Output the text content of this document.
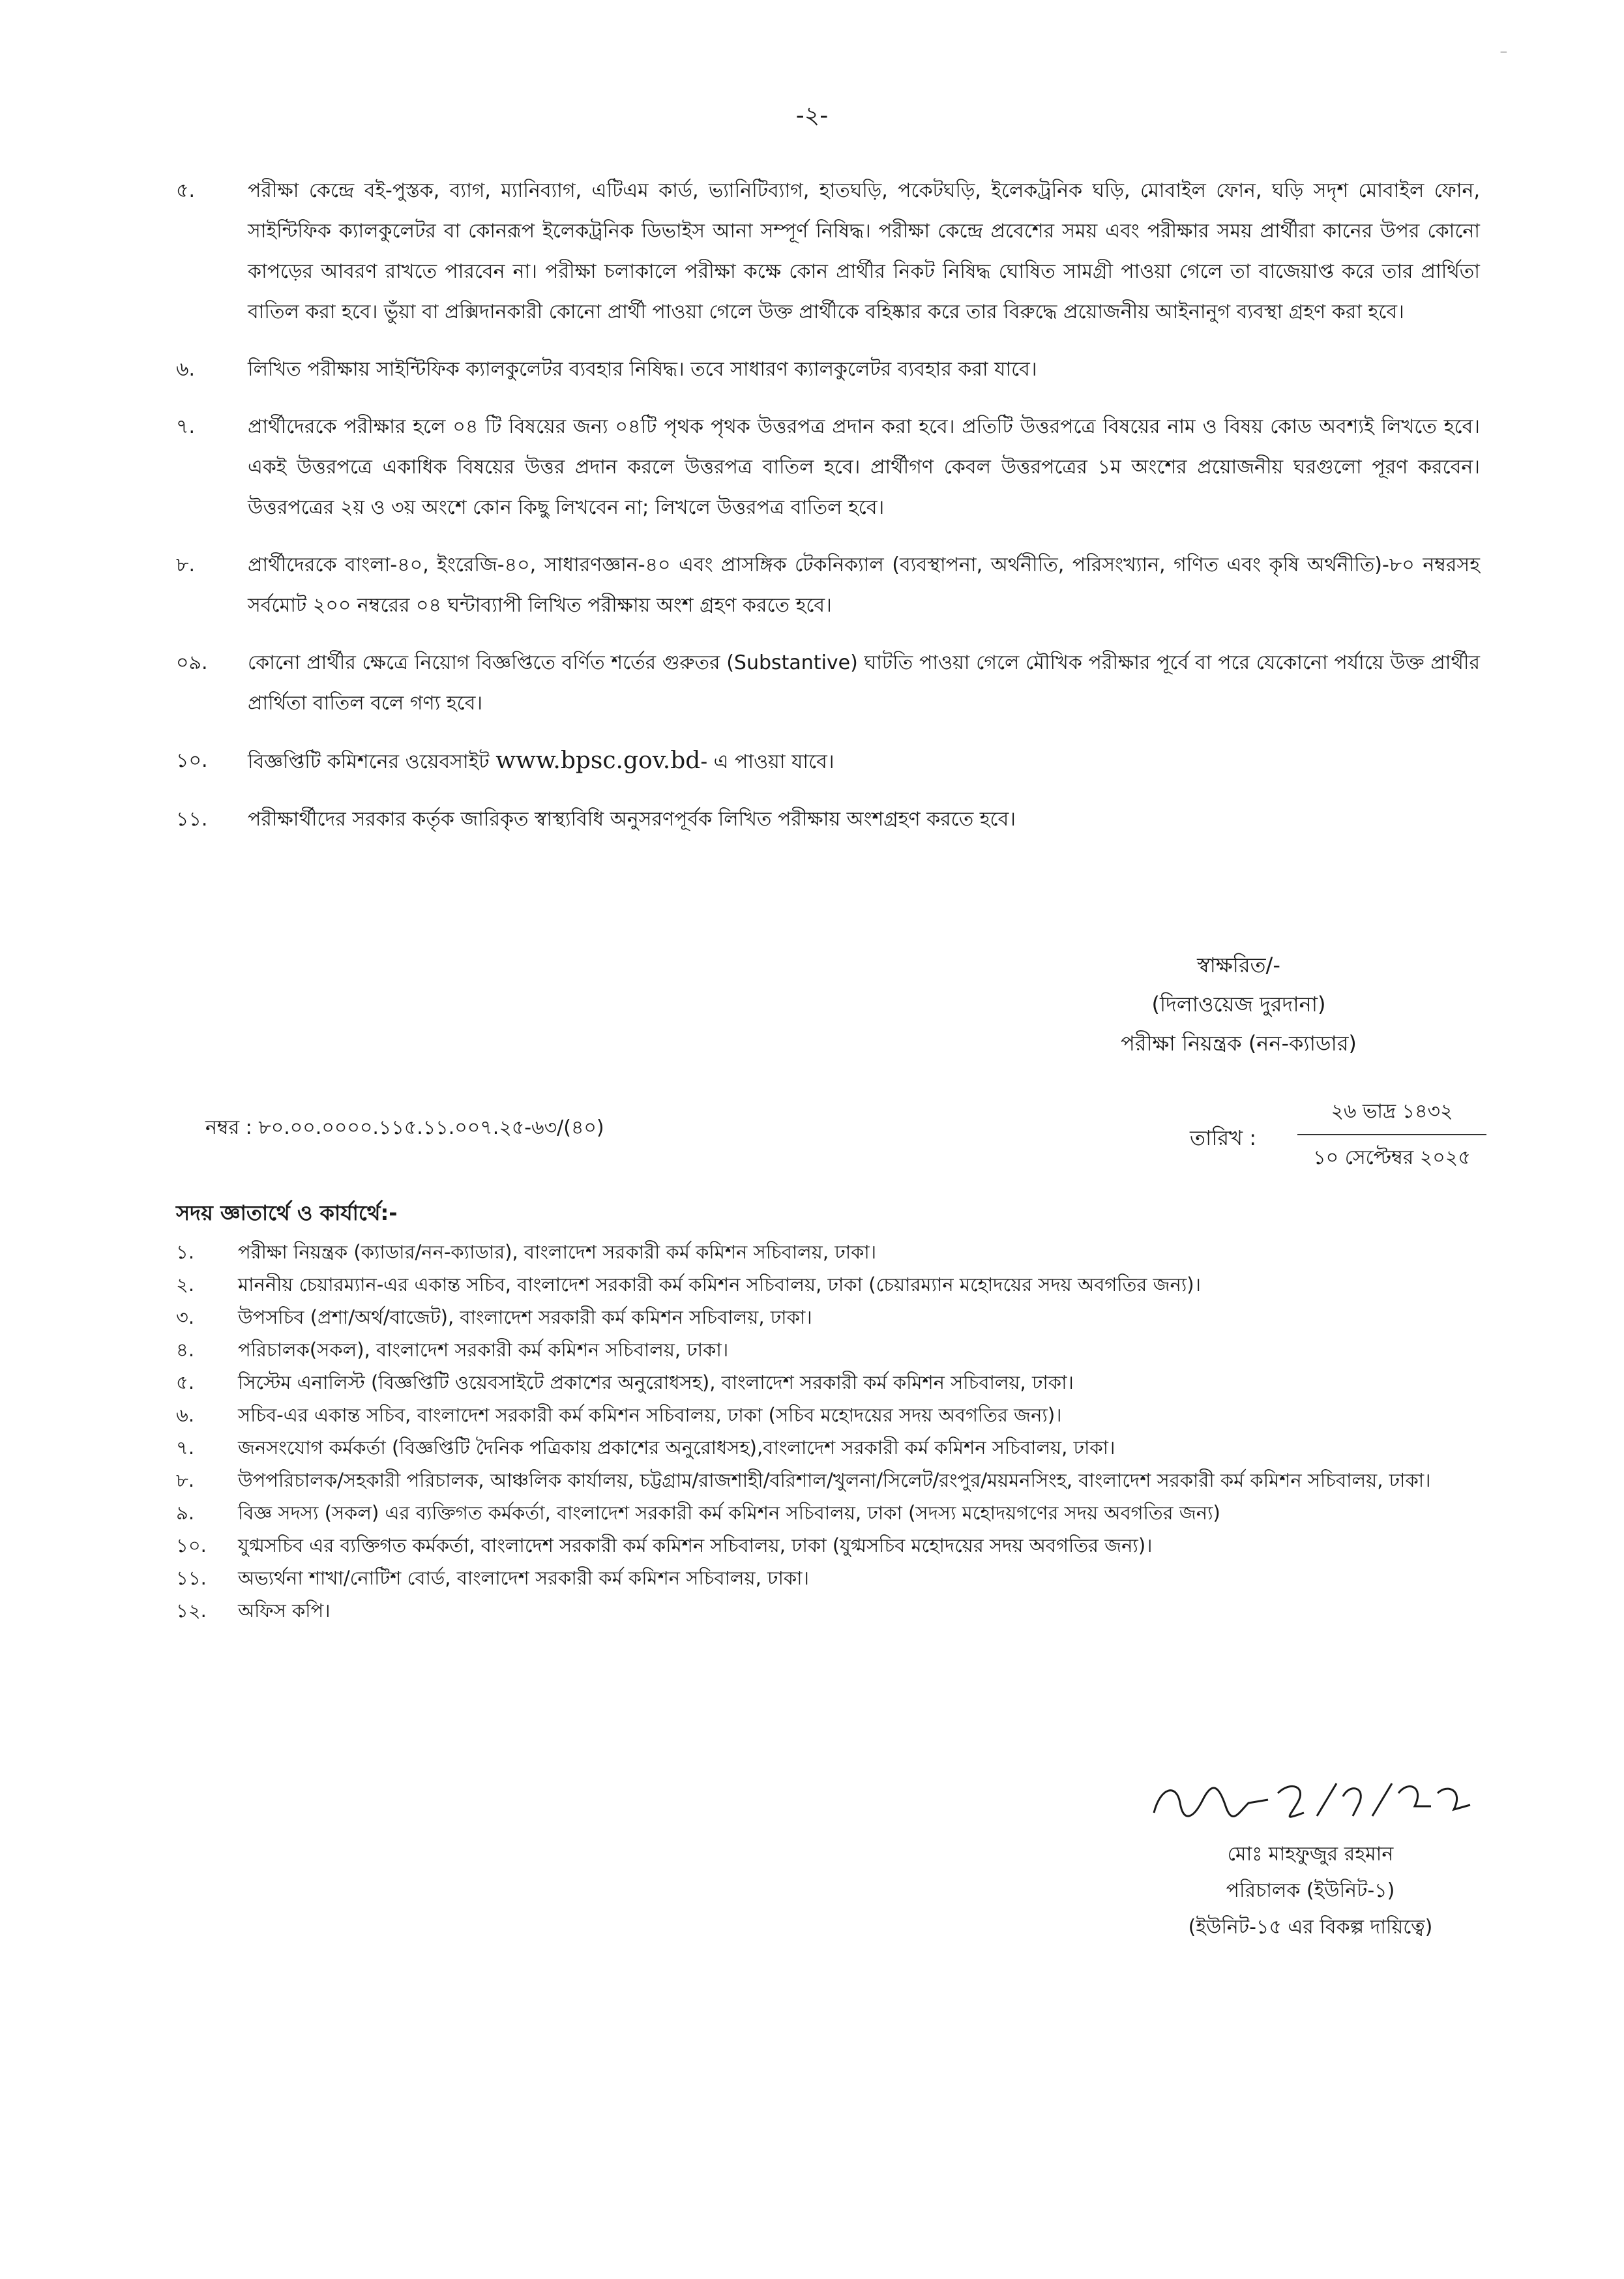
⁻
-২-
৫.	পরীক্ষা কেন্দ্রে বই-পুস্তক, ব্যাগ, ম্যানিব্যাগ, এটিএম কার্ড, ভ্যানিটিব্যাগ, হাতঘড়ি, পকেটঘড়ি, ইলেকট্রনিক ঘড়ি, মোবাইল ফোন, ঘড়ি সদৃশ মোবাইল ফোন, সাইন্টিফিক ক্যালকুলেটর বা কোনরূপ ইলেকট্রনিক ডিভাইস আনা সম্পূর্ণ নিষিদ্ধ। পরীক্ষা কেন্দ্রে প্রবেশের সময় এবং পরীক্ষার সময় প্রার্থীরা কানের উপর কোনো কাপড়ের আবরণ রাখতে পারবেন না। পরীক্ষা চলাকালে পরীক্ষা কক্ষে কোন প্রার্থীর নিকট নিষিদ্ধ ঘোষিত সামগ্রী পাওয়া গেলে তা বাজেয়াপ্ত করে তার প্রার্থিতা বাতিল করা হবে। ভুঁয়া বা প্রক্সিদানকারী কোনো প্রার্থী পাওয়া গেলে উক্ত প্রার্থীকে বহিষ্কার করে তার বিরুদ্ধে প্রয়োজনীয় আইনানুগ ব্যবস্থা গ্রহণ করা হবে।
৬.	লিখিত পরীক্ষায় সাইন্টিফিক ক্যালকুলেটর ব্যবহার নিষিদ্ধ। তবে সাধারণ ক্যালকুলেটর ব্যবহার করা যাবে।
৭.	প্রার্থীদেরকে পরীক্ষার হলে ০৪ টি বিষয়ের জন্য ০৪টি পৃথক পৃথক উত্তরপত্র প্রদান করা হবে। প্রতিটি উত্তরপত্রে বিষয়ের নাম ও বিষয় কোড অবশ্যই লিখতে হবে। একই উত্তরপত্রে একাধিক বিষয়ের উত্তর প্রদান করলে উত্তরপত্র বাতিল হবে। প্রার্থীগণ কেবল উত্তরপত্রের ১ম অংশের প্রয়োজনীয় ঘরগুলো পূরণ করবেন। উত্তরপত্রের ২য় ও ৩য় অংশে কোন কিছু লিখবেন না; লিখলে উত্তরপত্র বাতিল হবে।
৮.	প্রার্থীদেরকে বাংলা-৪০, ইংরেজি-৪০, সাধারণজ্ঞান-৪০ এবং প্রাসঙ্গিক টেকনিক্যাল (ব্যবস্থাপনা, অর্থনীতি, পরিসংখ্যান, গণিত এবং কৃষি অর্থনীতি)-৮০ নম্বরসহ সর্বমোট ২০০ নম্বরের ০৪ ঘন্টাব্যাপী লিখিত পরীক্ষায় অংশ গ্রহণ করতে হবে।
০৯. কোনো প্রার্থীর ক্ষেত্রে নিয়োগ বিজ্ঞপ্তিতে বর্ণিত শর্তের গুরুতর (Substantive) ঘাটতি পাওয়া গেলে মৌখিক পরীক্ষার পূর্বে বা পরে যেকোনো পর্যায়ে উক্ত প্রার্থীর প্রার্থিতা বাতিল বলে গণ্য হবে।
১০. বিজ্ঞপ্তিটি কমিশনের ওয়েবসাইট www.bpsc.gov.bd- এ পাওয়া যাবে।
১১. পরীক্ষার্থীদের সরকার কর্তৃক জারিকৃত স্বাস্থ্যবিধি অনুসরণপূর্বক লিখিত পরীক্ষায় অংশগ্রহণ করতে হবে।
স্বাক্ষরিত/-
(দিলাওয়েজ দুরদানা)
পরীক্ষা নিয়ন্ত্রক (নন-ক্যাডার)
নম্বর : ৮০.০০.০০০০.১১৫.১১.০০৭.২৫-৬৩/(৪০)	তারিখ :
২৬ ভাদ্র ১৪৩২
১০ সেপ্টেম্বর ২০২৫
সদয় জ্ঞাতার্থে ও কার্যার্থে:-
১. পরীক্ষা নিয়ন্ত্রক (ক্যাডার/নন-ক্যাডার), বাংলাদেশ সরকারী কর্ম কমিশন সচিবালয়, ঢাকা।
২. মাননীয় চেয়ারম্যান-এর একান্ত সচিব, বাংলাদেশ সরকারী কর্ম কমিশন সচিবালয়, ঢাকা (চেয়ারম্যান মহোদয়ের সদয় অবগতির জন্য)।
৩. উপসচিব (প্রশা/অর্থ/বাজেট), বাংলাদেশ সরকারী কর্ম কমিশন সচিবালয়, ঢাকা।
৪. পরিচালক(সকল), বাংলাদেশ সরকারী কর্ম কমিশন সচিবালয়, ঢাকা।
৫. সিস্টেম এনালিস্ট (বিজ্ঞপ্তিটি ওয়েবসাইটে প্রকাশের অনুরোধসহ), বাংলাদেশ সরকারী কর্ম কমিশন সচিবালয়, ঢাকা।
৬. সচিব-এর একান্ত সচিব, বাংলাদেশ সরকারী কর্ম কমিশন সচিবালয়, ঢাকা (সচিব মহোদয়ের সদয় অবগতির জন্য)।
৭. জনসংযোগ কর্মকর্তা (বিজ্ঞপ্তিটি দৈনিক পত্রিকায় প্রকাশের অনুরোধসহ),বাংলাদেশ সরকারী কর্ম কমিশন সচিবালয়, ঢাকা।
৮. উপপরিচালক/সহকারী পরিচালক, আঞ্চলিক কার্যালয়, চট্টগ্রাম/রাজশাহী/বরিশাল/খুলনা/সিলেট/রংপুর/ময়মনসিংহ, বাংলাদেশ সরকারী কর্ম কমিশন সচিবালয়, ঢাকা।
৯. বিজ্ঞ সদস্য (সকল) এর ব্যক্তিগত কর্মকর্তা, বাংলাদেশ সরকারী কর্ম কমিশন সচিবালয়, ঢাকা (সদস্য মহোদয়গণের সদয় অবগতির জন্য)
১০. যুগ্মসচিব এর ব্যক্তিগত কর্মকর্তা, বাংলাদেশ সরকারী কর্ম কমিশন সচিবালয়, ঢাকা (যুগ্মসচিব মহোদয়ের সদয় অবগতির জন্য)।
১১. অভ্যর্থনা শাখা/নোটিশ বোর্ড, বাংলাদেশ সরকারী কর্ম কমিশন সচিবালয়, ঢাকা।
১২. অফিস কপি।
মোঃ মাহফুজুর রহমান
পরিচালক (ইউনিট-১)
(ইউনিট-১৫ এর বিকল্প দায়িত্বে)
